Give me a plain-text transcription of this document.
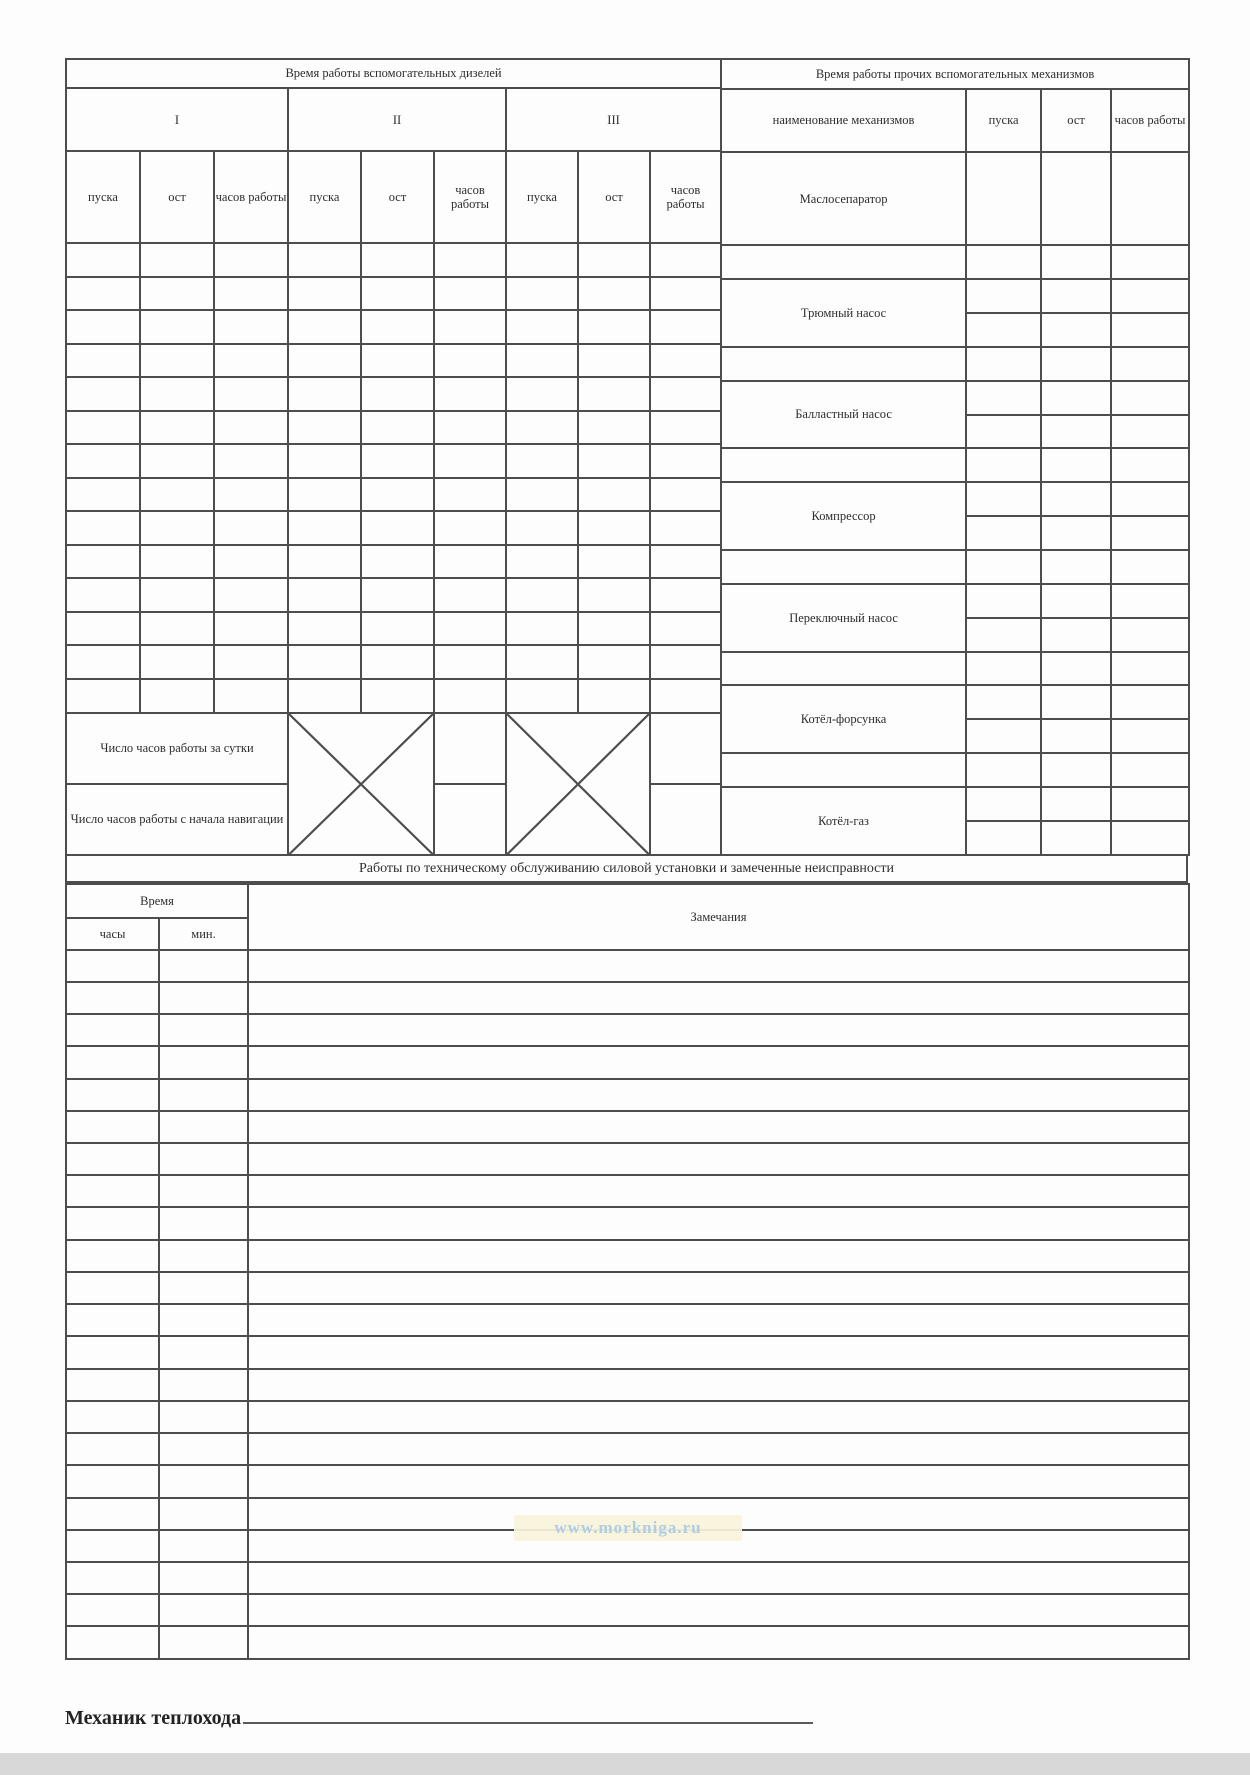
Время работы вспомогательных дизелей								
I			II			III		
пуска	ост	часов работы	пуска	ост	часов работы	пуска	ост	часов работы

Число часов работы за сутки	

Число часов работы с начала навигации								
Время работы прочих вспомогательных механизмов			
наименование механизмов	пуска	ост	часов работы
Маслосепаратор			

Трюмный насос			

Балластный насос			

Компрессор			

Переключный насос			

Котёл-форсунка			

Котёл-газ			

Работы по техническому обслуживанию силовой установки и замеченные неисправности
Время		Замечания
часы	мин.	

Механик теплохода
www.morkniga.ru
